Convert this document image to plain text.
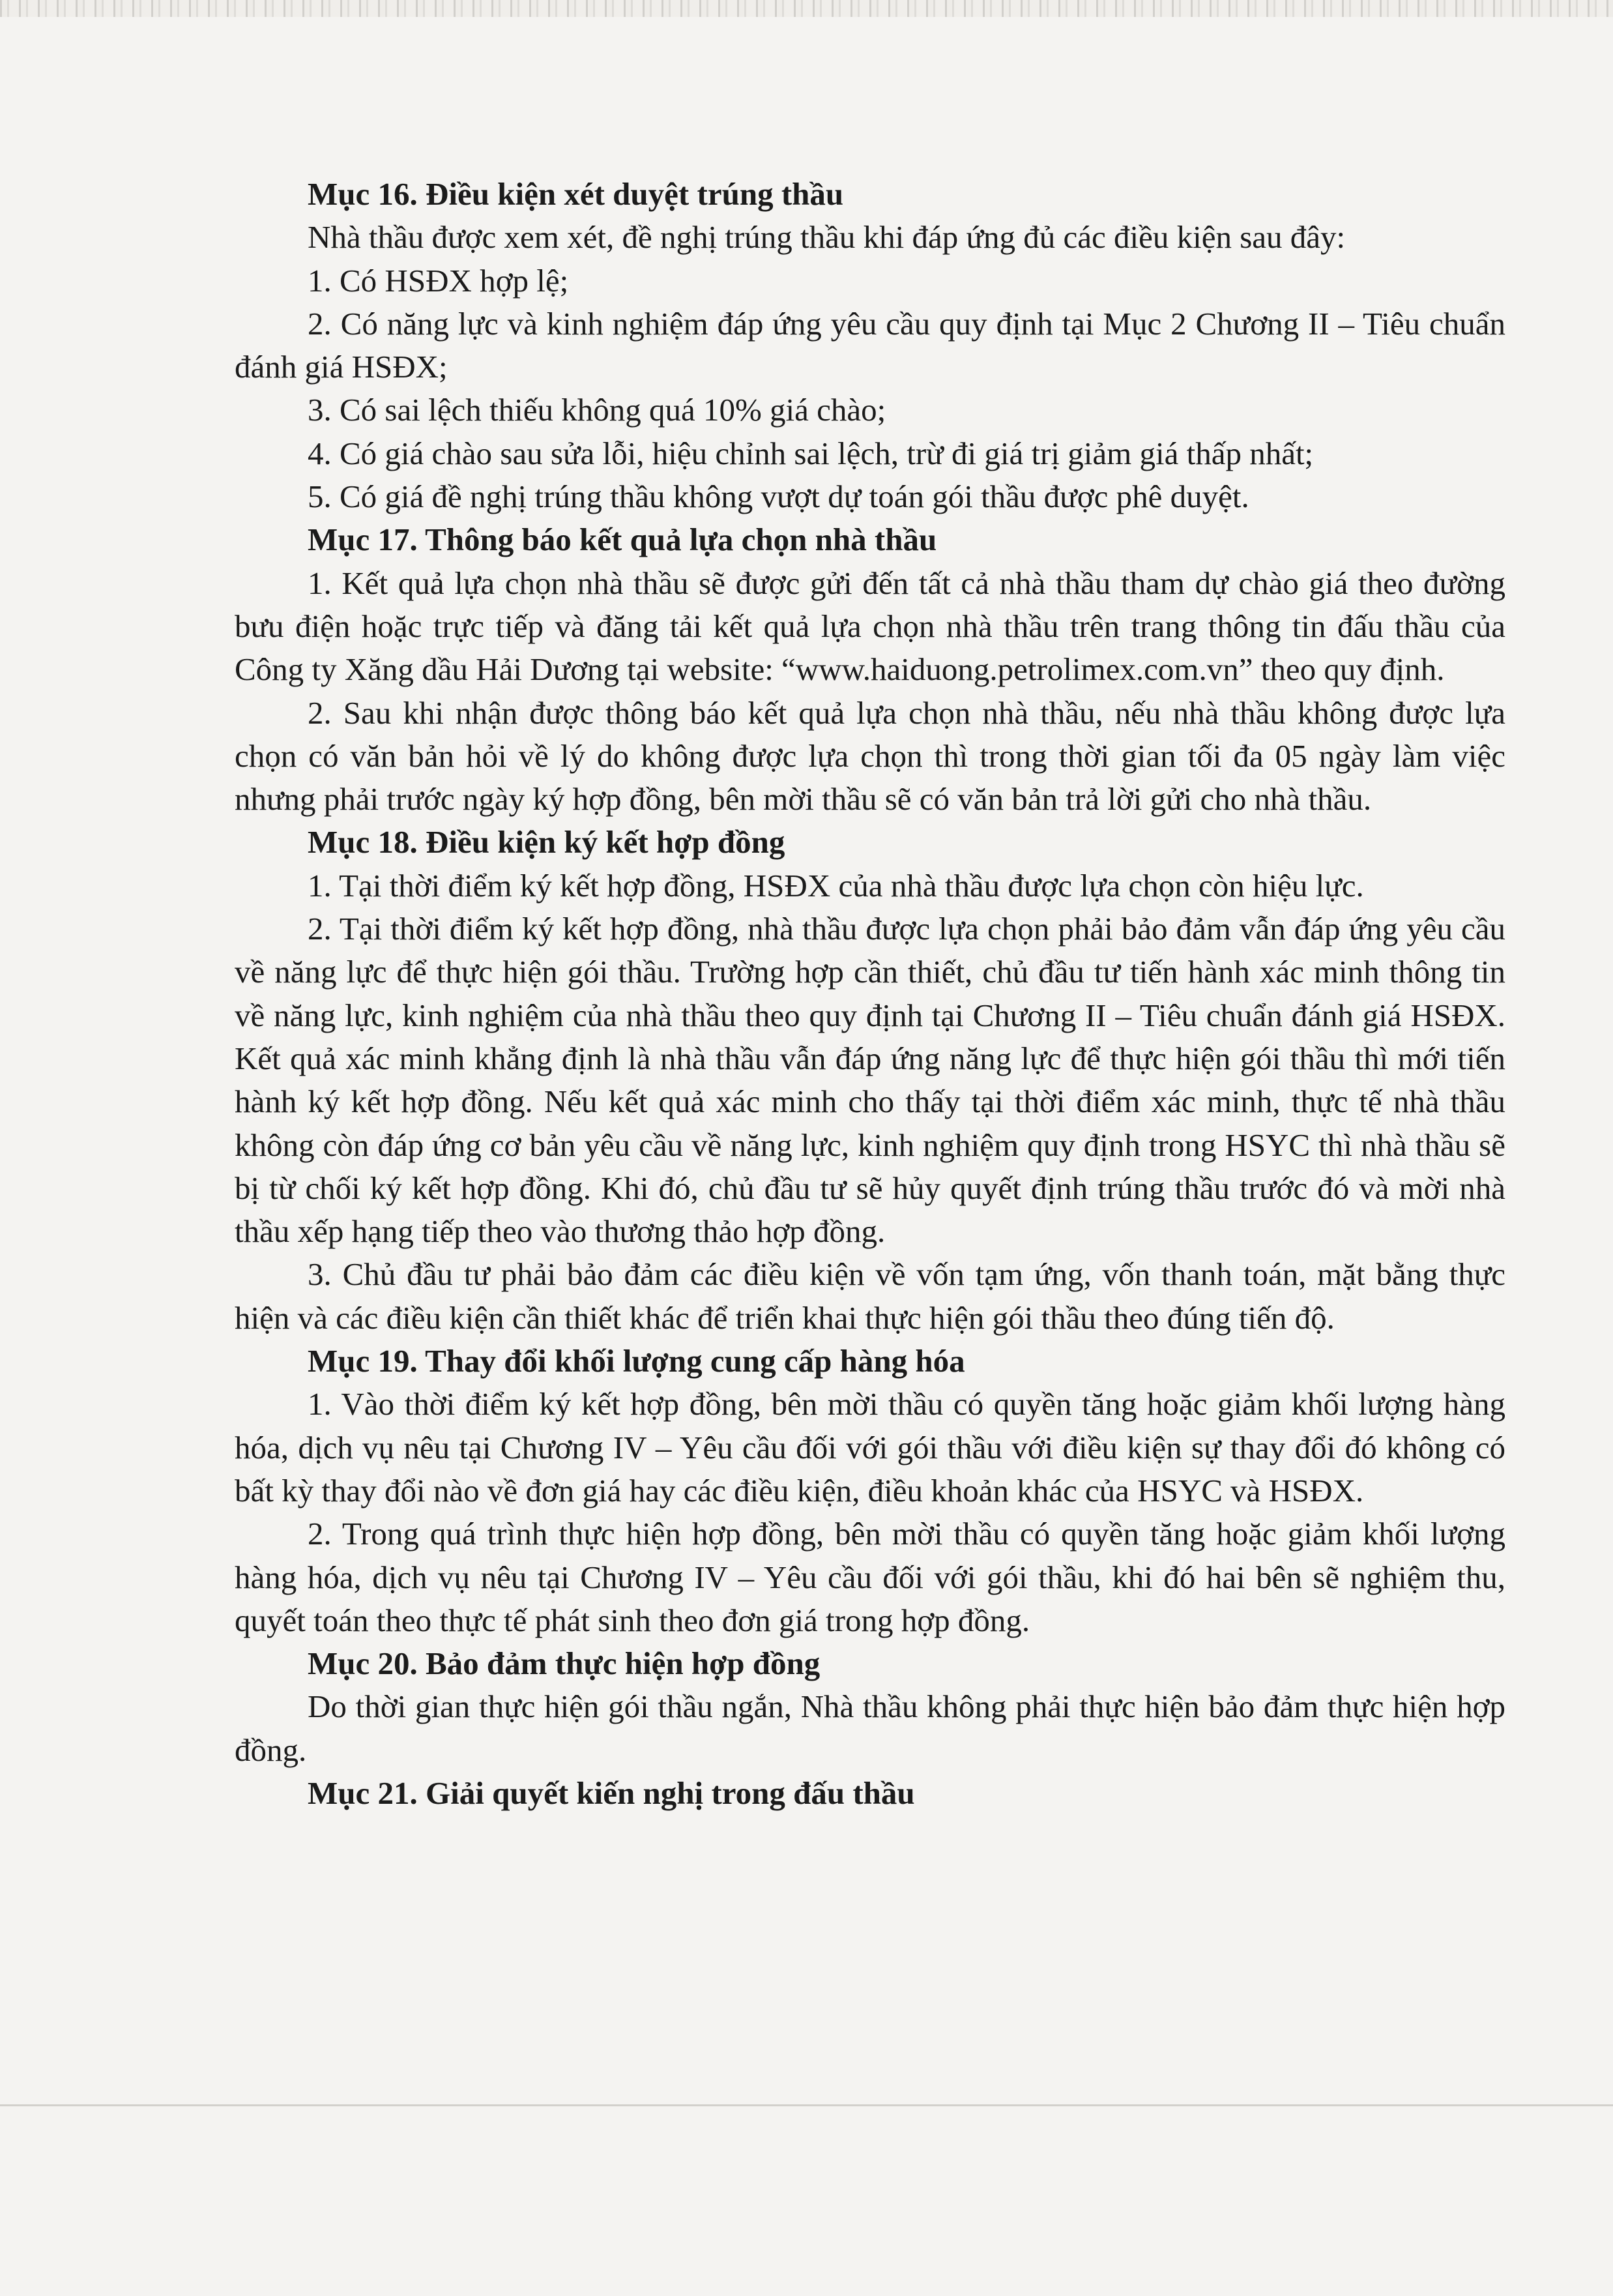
Mục 16. Điều kiện xét duyệt trúng thầu

Nhà thầu được xem xét, đề nghị trúng thầu khi đáp ứng đủ các điều kiện sau đây:

1. Có HSĐX hợp lệ;

2. Có năng lực và kinh nghiệm đáp ứng yêu cầu quy định tại Mục 2 Chương II – Tiêu chuẩn đánh giá HSĐX;

3. Có sai lệch thiếu không quá 10% giá chào;

4. Có giá chào sau sửa lỗi, hiệu chỉnh sai lệch, trừ đi giá trị giảm giá thấp nhất;

5. Có giá đề nghị trúng thầu không vượt dự toán gói thầu được phê duyệt.

Mục 17. Thông báo kết quả lựa chọn nhà thầu

1. Kết quả lựa chọn nhà thầu sẽ được gửi đến tất cả nhà thầu tham dự chào giá theo đường bưu điện hoặc trực tiếp và đăng tải kết quả lựa chọn nhà thầu trên trang thông tin đấu thầu của Công ty Xăng dầu Hải Dương tại website: “www.haiduong.petrolimex.com.vn” theo quy định.

2. Sau khi nhận được thông báo kết quả lựa chọn nhà thầu, nếu nhà thầu không được lựa chọn có văn bản hỏi về lý do không được lựa chọn thì trong thời gian tối đa 05 ngày làm việc nhưng phải trước ngày ký hợp đồng, bên mời thầu sẽ có văn bản trả lời gửi cho nhà thầu.

Mục 18. Điều kiện ký kết hợp đồng

1. Tại thời điểm ký kết hợp đồng, HSĐX của nhà thầu được lựa chọn còn hiệu lực.

2. Tại thời điểm ký kết hợp đồng, nhà thầu được lựa chọn phải bảo đảm vẫn đáp ứng yêu cầu về năng lực để thực hiện gói thầu. Trường hợp cần thiết, chủ đầu tư tiến hành xác minh thông tin về năng lực, kinh nghiệm của nhà thầu theo quy định tại Chương II – Tiêu chuẩn đánh giá HSĐX. Kết quả xác minh khẳng định là nhà thầu vẫn đáp ứng năng lực để thực hiện gói thầu thì mới tiến hành ký kết hợp đồng. Nếu kết quả xác minh cho thấy tại thời điểm xác minh, thực tế nhà thầu không còn đáp ứng cơ bản yêu cầu về năng lực, kinh nghiệm quy định trong HSYC thì nhà thầu sẽ bị từ chối ký kết hợp đồng. Khi đó, chủ đầu tư sẽ hủy quyết định trúng thầu trước đó và mời nhà thầu xếp hạng tiếp theo vào thương thảo hợp đồng.

3. Chủ đầu tư phải bảo đảm các điều kiện về vốn tạm ứng, vốn thanh toán, mặt bằng thực hiện và các điều kiện cần thiết khác để triển khai thực hiện gói thầu theo đúng tiến độ.

Mục 19. Thay đổi khối lượng cung cấp hàng hóa

1. Vào thời điểm ký kết hợp đồng, bên mời thầu có quyền tăng hoặc giảm khối lượng hàng hóa, dịch vụ nêu tại Chương IV – Yêu cầu đối với gói thầu với điều kiện sự thay đổi đó không có bất kỳ thay đổi nào về đơn giá hay các điều kiện, điều khoản khác của HSYC và HSĐX.

2. Trong quá trình thực hiện hợp đồng, bên mời thầu có quyền tăng hoặc giảm khối lượng hàng hóa, dịch vụ nêu tại Chương IV – Yêu cầu đối với gói thầu, khi đó hai bên sẽ nghiệm thu, quyết toán theo thực tế phát sinh theo đơn giá trong hợp đồng.

Mục 20. Bảo đảm thực hiện hợp đồng

Do thời gian thực hiện gói thầu ngắn, Nhà thầu không phải thực hiện bảo đảm thực hiện hợp đồng.

Mục 21. Giải quyết kiến nghị trong đấu thầu
